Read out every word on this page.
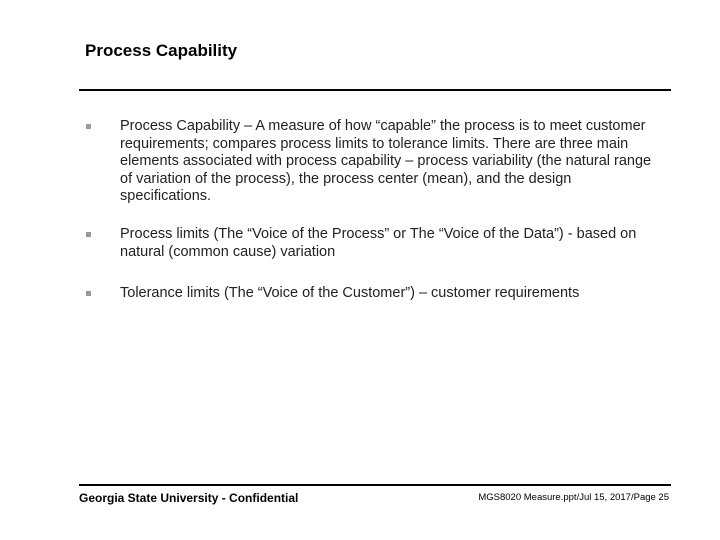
Process Capability
Process Capability – A measure of how “capable” the process is to meet customer requirements; compares process limits to tolerance limits. There are three main elements associated with process capability – process variability (the natural range of variation of the process), the process center (mean), and the design specifications.
Process limits (The “Voice of the Process” or The “Voice of the Data”) - based on natural (common cause) variation
Tolerance limits (The “Voice of the Customer”) – customer requirements
Georgia State University - Confidential	MGS8020 Measure.ppt/Jul 15, 2017/Page 25
